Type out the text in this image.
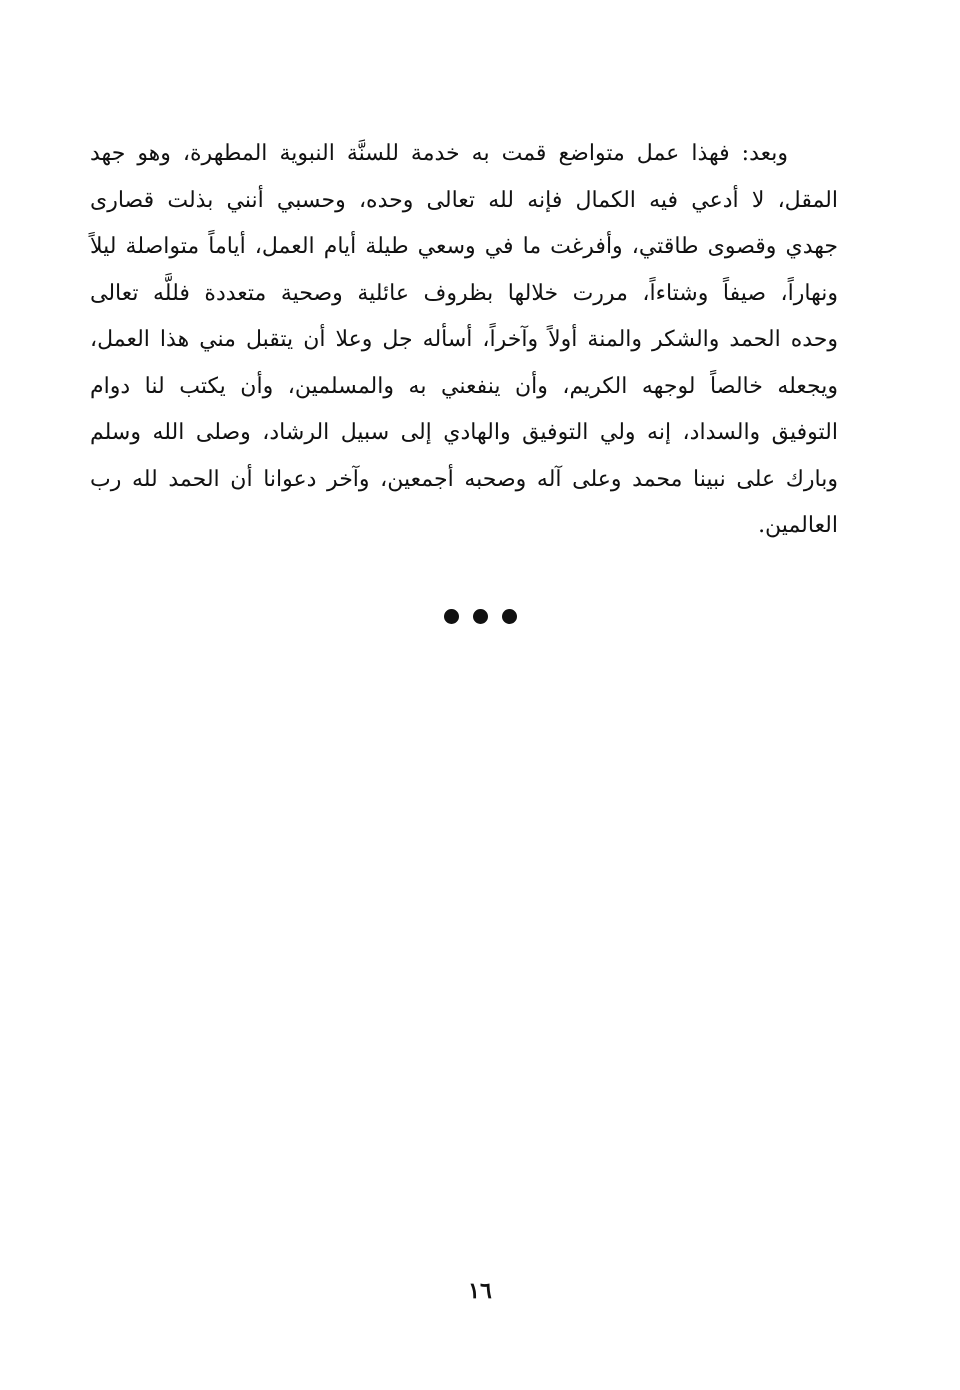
وبعد: فهذا عمل متواضع قمت به خدمة للسنَّة النبوية المطهرة، وهو جهد
المقل، لا أدعي فيه الكمال فإنه لله تعالى وحده، وحسبي أنني بذلت قصارى
جهدي وقصوى طاقتي، وأفرغت ما في وسعي طيلة أيام العمل، أياماً متواصلة ليلاً
ونهاراً، صيفاً وشتاءاً، مررت خلالها بظروف عائلية وصحية متعددة فللَّه تعالى
وحده الحمد والشكر والمنة أولاً وآخراً، أسأله جل وعلا أن يتقبل مني هذا العمل،
ويجعله خالصاً لوجهه الكريم، وأن ينفعني به والمسلمين، وأن يكتب لنا دوام
التوفيق والسداد، إنه ولي التوفيق والهادي إلى سبيل الرشاد، وصلى الله وسلم
وبارك على نبينا محمد وعلى آله وصحبه أجمعين، وآخر دعوانا أن الحمد لله رب
العالمين.

١٦
